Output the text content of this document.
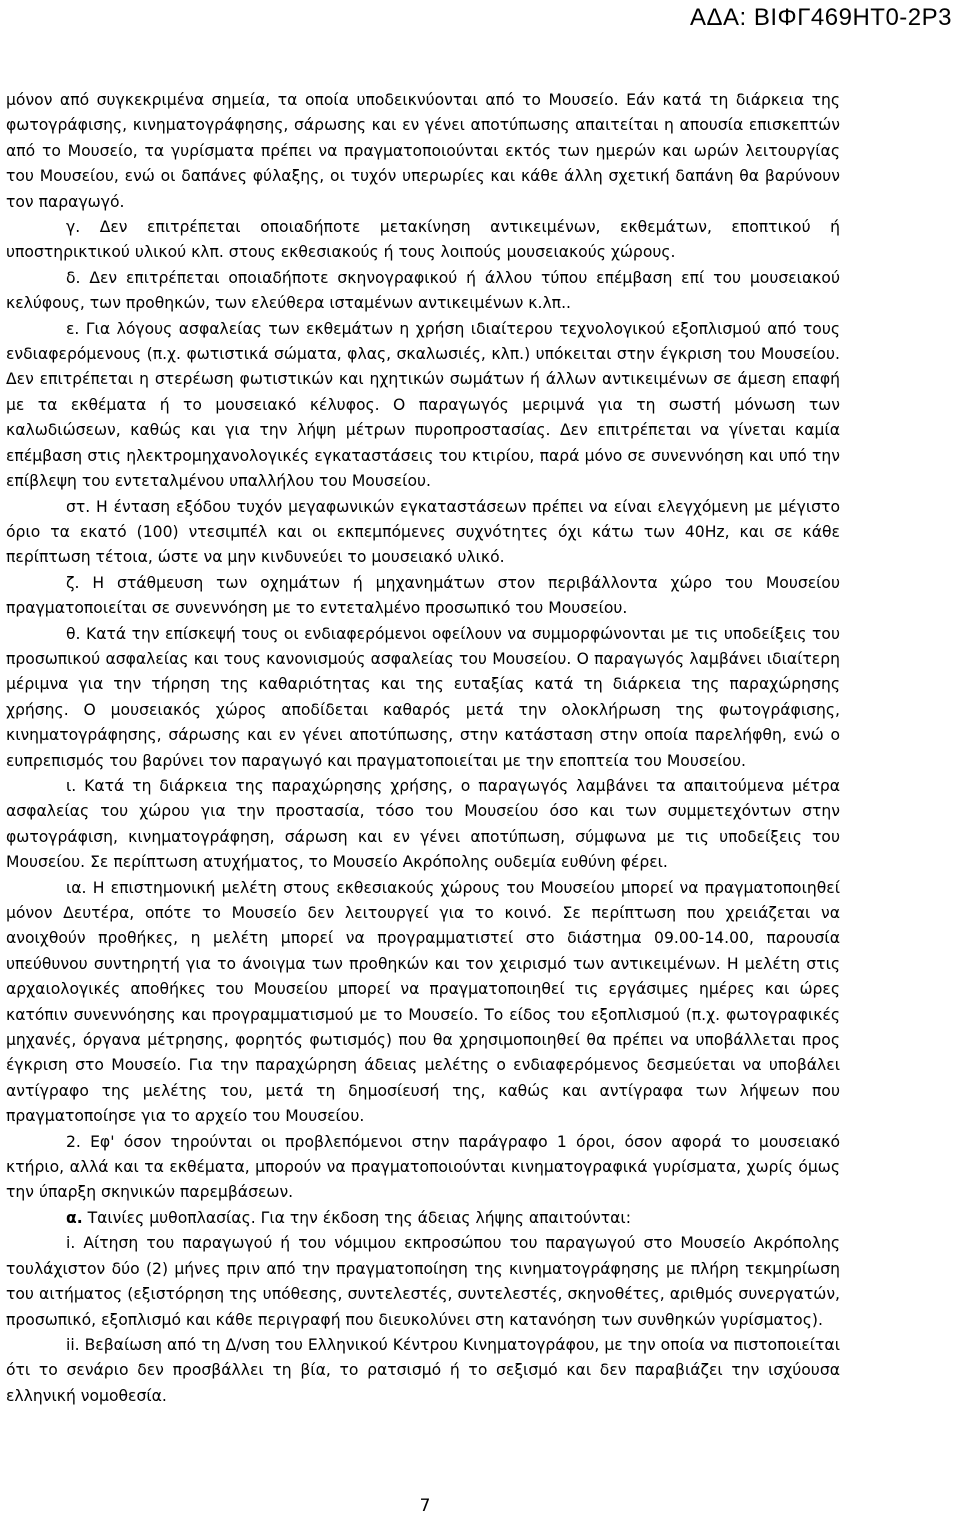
ΑΔΑ: ΒΙΦΓ469ΗΤ0-2Ρ3

μόνον από συγκεκριμένα σημεία, τα οποία υποδεικνύονται από το Μουσείο. Εάν κατά τη διάρκεια της φωτογράφισης, κινηματογράφησης, σάρωσης και εν γένει αποτύπωσης απαιτείται η απουσία επισκεπτών από το Μουσείο, τα γυρίσματα πρέπει να πραγματοποιούνται εκτός των ημερών και ωρών λειτουργίας του Μουσείου, ενώ οι δαπάνες φύλαξης, οι τυχόν υπερωρίες και κάθε άλλη σχετική δαπάνη θα βαρύνουν τον παραγωγό.

γ. Δεν επιτρέπεται οποιαδήποτε μετακίνηση αντικειμένων, εκθεμάτων, εποπτικού ή υποστηρικτικού υλικού κλπ. στους εκθεσιακούς ή τους λοιπούς μουσειακούς χώρους.

δ. Δεν επιτρέπεται οποιαδήποτε σκηνογραφικού ή άλλου τύπου επέμβαση επί του μουσειακού κελύφους, των προθηκών, των ελεύθερα ισταμένων αντικειμένων κ.λπ..

ε. Για λόγους ασφαλείας των εκθεμάτων η χρήση ιδιαίτερου τεχνολογικού εξοπλισμού από τους ενδιαφερόμενους (π.χ. φωτιστικά σώματα, φλας, σκαλωσιές, κλπ.) υπόκειται στην έγκριση του Μουσείου. Δεν επιτρέπεται η στερέωση φωτιστικών και ηχητικών σωμάτων ή άλλων αντικειμένων σε άμεση επαφή με τα εκθέματα ή το μουσειακό κέλυφος. Ο παραγωγός μεριμνά για τη σωστή μόνωση των καλωδιώσεων, καθώς και για την λήψη μέτρων πυροπροστασίας. Δεν επιτρέπεται να γίνεται καμία επέμβαση στις ηλεκτρομηχανολογικές εγκαταστάσεις του κτιρίου, παρά μόνο σε συνεννόηση και υπό την επίβλεψη του εντεταλμένου υπαλλήλου του Μουσείου.

στ. Η ένταση εξόδου τυχόν μεγαφωνικών εγκαταστάσεων πρέπει να είναι ελεγχόμενη με μέγιστο όριο τα εκατό (100) ντεσιμπέλ και οι εκπεμπόμενες συχνότητες όχι κάτω των 40Hz, και σε κάθε περίπτωση τέτοια, ώστε να μην κινδυνεύει το μουσειακό υλικό.

ζ. Η στάθμευση των οχημάτων ή μηχανημάτων στον περιβάλλοντα χώρο του Μουσείου πραγματοποιείται σε συνεννόηση με το εντεταλμένο προσωπικό του Μουσείου.

θ. Κατά την επίσκεψή τους οι ενδιαφερόμενοι οφείλουν να συμμορφώνονται με τις υποδείξεις του προσωπικού ασφαλείας και τους κανονισμούς ασφαλείας του Μουσείου. Ο παραγωγός λαμβάνει ιδιαίτερη μέριμνα για την τήρηση της καθαριότητας και της ευταξίας κατά τη διάρκεια της παραχώρησης χρήσης. Ο μουσειακός χώρος αποδίδεται καθαρός μετά την ολοκλήρωση της φωτογράφισης, κινηματογράφησης, σάρωσης και εν γένει αποτύπωσης, στην κατάσταση στην οποία παρελήφθη, ενώ ο ευπρεπισμός του βαρύνει τον παραγωγό και πραγματοποιείται με την εποπτεία του Μουσείου.

ι. Κατά τη διάρκεια της παραχώρησης χρήσης, ο παραγωγός λαμβάνει τα απαιτούμενα μέτρα ασφαλείας του χώρου για την προστασία, τόσο του Μουσείου όσο και των συμμετεχόντων στην φωτογράφιση, κινηματογράφηση, σάρωση και εν γένει αποτύπωση, σύμφωνα με τις υποδείξεις του Μουσείου. Σε περίπτωση ατυχήματος, το Μουσείο Ακρόπολης ουδεμία ευθύνη φέρει.

ια. Η επιστημονική μελέτη στους εκθεσιακούς χώρους του Μουσείου μπορεί να πραγματοποιηθεί μόνον Δευτέρα, οπότε το Μουσείο δεν λειτουργεί για το κοινό. Σε περίπτωση που χρειάζεται να ανοιχθούν προθήκες, η μελέτη μπορεί να προγραμματιστεί στο διάστημα 09.00-14.00, παρουσία υπεύθυνου συντηρητή για το άνοιγμα των προθηκών και τον χειρισμό των αντικειμένων. Η μελέτη στις αρχαιολογικές αποθήκες του Μουσείου μπορεί να πραγματοποιηθεί τις εργάσιμες ημέρες και ώρες κατόπιν συνεννόησης και προγραμματισμού με το Μουσείο. Το είδος του εξοπλισμού (π.χ. φωτογραφικές μηχανές, όργανα μέτρησης, φορητός φωτισμός) που θα χρησιμοποιηθεί θα πρέπει να υποβάλλεται προς έγκριση στο Μουσείο. Για την παραχώρηση άδειας μελέτης ο ενδιαφερόμενος δεσμεύεται να υποβάλει αντίγραφο της μελέτης του, μετά τη δημοσίευσή της, καθώς και αντίγραφα των λήψεων που πραγματοποίησε για το αρχείο του Μουσείου.

2. Εφ' όσον τηρούνται οι προβλεπόμενοι στην παράγραφο 1 όροι, όσον αφορά το μουσειακό κτήριο, αλλά και τα εκθέματα, μπορούν να πραγματοποιούνται κινηματογραφικά γυρίσματα, χωρίς όμως την ύπαρξη σκηνικών παρεμβάσεων.

α. Ταινίες μυθοπλασίας. Για την έκδοση της άδειας λήψης απαιτούνται:

i. Αίτηση του παραγωγού ή του νόμιμου εκπροσώπου του παραγωγού στο Μουσείο Ακρόπολης τουλάχιστον δύο (2) μήνες πριν από την πραγματοποίηση της κινηματογράφησης με πλήρη τεκμηρίωση του αιτήματος (εξιστόρηση της υπόθεσης, συντελεστές, συντελεστές, σκηνοθέτες, αριθμός συνεργατών, προσωπικό, εξοπλισμό και κάθε περιγραφή που διευκολύνει στη κατανόηση των συνθηκών γυρίσματος).

ii. Βεβαίωση από τη Δ/νση του Ελληνικού Κέντρου Κινηματογράφου, με την οποία να πιστοποιείται ότι το σενάριο δεν προσβάλλει τη βία, το ρατσισμό ή το σεξισμό και δεν παραβιάζει την ισχύουσα ελληνική νομοθεσία.

7
